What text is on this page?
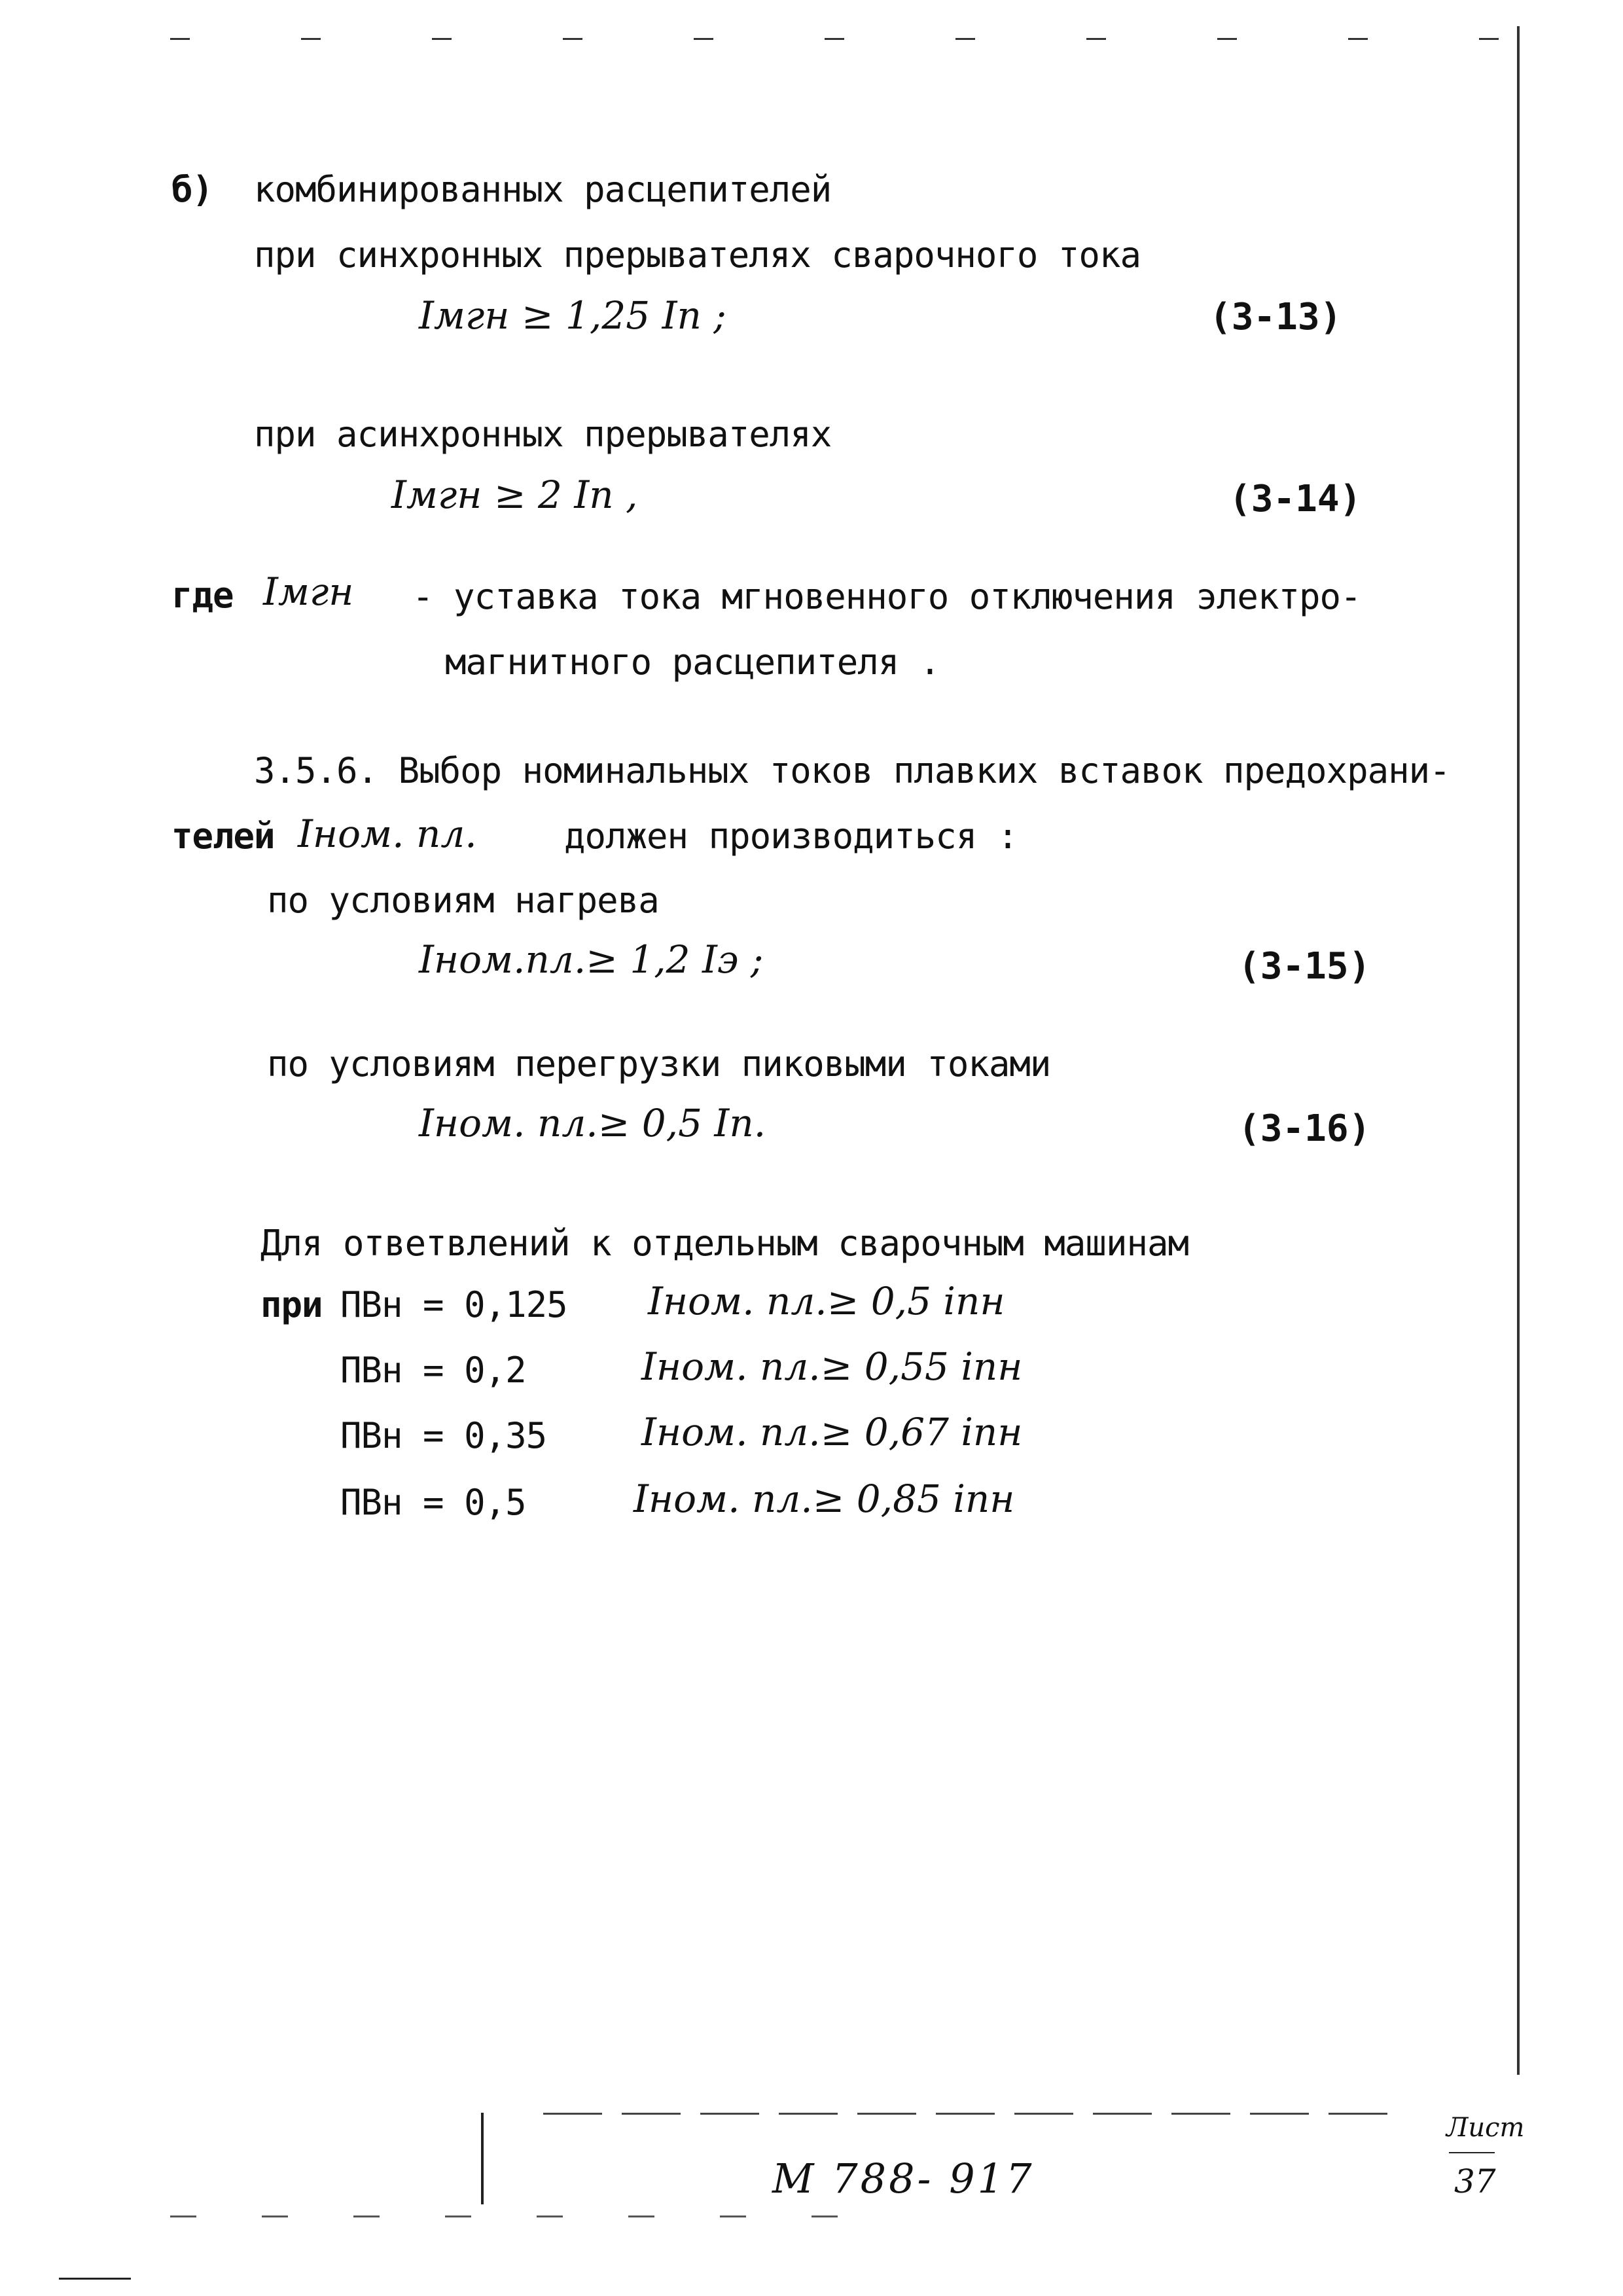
б) комбинированных расцепителей
при синхронных прерывателях сварочного тока
Iмгн ≥ 1,25 Iп ;	(3-13)
при асинхронных прерывателях
Iмгн ≥ 2 Iп ,	(3-14)
где Iмгн - уставка тока мгновенного отключения электро-
магнитного расцепителя .
3.5.6. Выбор номинальных токов плавких вставок предохрани-
телей Iном. пл. должен производиться :
по условиям нагрева
Iном.пл.≥ 1,2 Iэ ;	(3-15)
по условиям перегрузки пиковыми токами
Iном. пл.≥ 0,5 Iп.	(3-16)
Для ответвлений к отдельным сварочным машинам
при ПВн = 0,125 Iном. пл.≥ 0,5 iпн
ПВн = 0,2	Iном. пл.≥ 0,55 iпн
ПВн = 0,35 Iном. пл.≥ 0,67 iпн
ПВн = 0,5	Iном. пл.≥ 0,85 iпн
М 788- 917
Лист
37
